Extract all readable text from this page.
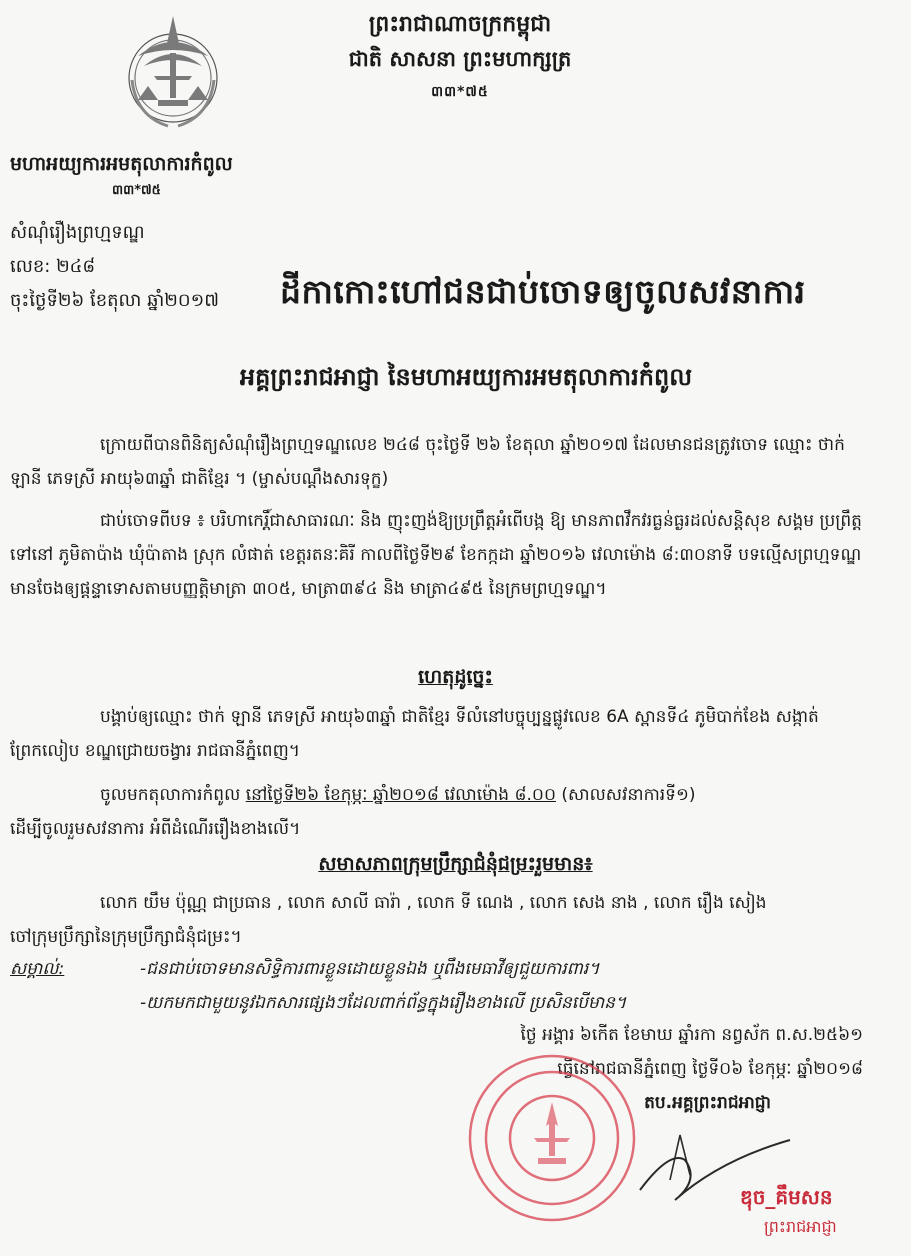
ព្រះរាជាណាចក្រកម្ពុជា
ជាតិ សាសនា ព្រះមហាក្សត្រ
៣៣*៧៥
មហាអយ្យការអមតុលាការកំពូល
៣៣*៧៥
សំណុំរឿងព្រហ្មទណ្ឌ
លេខ: ២៤៨
ចុះថ្ងៃទី២៦ ខែតុលា ឆ្នាំ២០១៧ ដីកាកោះហៅជនជាប់ចោទឲ្យចូលសវនាការ
អគ្គព្រះរាជអាជ្ញា នៃមហាអយ្យការអមតុលាការកំពូល
ក្រោយពីបានពិនិត្យសំណុំរឿងព្រហ្មទណ្ឌលេខ ២៤៨ ចុះថ្ងៃទី ២៦ ខែតុលា ឆ្នាំ២០១៧ ដែលមានជនត្រូវចោទ ឈ្មោះ ថាក់ ឡានី ភេទស្រី អាយុ៦៣ឆ្នាំ ជាតិខ្មែរ ។ (ម្ចាស់បណ្ដឹងសារទុក្ខ)
ជាប់ចោទពីបទ ៖ បរិហាកេរ្តិ៍ជាសាធារណៈ និង ញុះញង់ឱ្យប្រព្រឹត្តអំពើបង្ក ឱ្យ មានភាពវឹកវរធ្ងន់ធ្ងរដល់សន្តិសុខ សង្គម ប្រព្រឹត្តទៅនៅ ភូមិតាប៉ាង ឃុំប៉ាតាង ស្រុក លំផាត់ ខេត្តរតនៈគិរី កាលពីថ្ងៃទី២៩ ខែកក្កដា ឆ្នាំ២០១៦ វេលាម៉ោង ៨:៣០នាទី បទល្មើសព្រហ្មទណ្ឌមានចែងឲ្យផ្ដន្ទាទោសតាមបញ្ញត្តិមាត្រា ៣០៥, មាត្រា៣៩៤ និង មាត្រា៤៩៥ នៃក្រមព្រហ្មទណ្ឌ។
ហេតុដូច្នេះ
បង្គាប់ឲ្យឈ្មោះ ថាក់ ឡានី ភេទស្រី អាយុ៦៣ឆ្នាំ ជាតិខ្មែរ ទីលំនៅបច្ចុប្បន្នផ្លូវលេខ 6A ស្ពានទី៤ ភូមិបាក់ខែង សង្កាត់ព្រែកលៀប ខណ្ឌជ្រោយចង្វារ រាជធានីភ្នំពេញ។
ចូលមកតុលាការកំពូល នៅថ្ងៃទី២៦ ខែកុម្ភៈ ឆ្នាំ២០១៨ វេលាម៉ោង ៨.០០ (សាលសវនាការទី១)
ដើម្បីចូលរួមសវនាការ អំពីដំណើររឿងខាងលើ។
សមាសភាពក្រុមប្រឹក្សាជំនុំជម្រះរួមមាន៖
លោក យឹម ប៉ុណ្ណ ជាប្រធាន , លោក សាលី ធារ៉ា , លោក ទី ណេង , លោក សេង នាង , លោក រឿង សៀង
ចៅក្រុមប្រឹក្សានៃក្រុមប្រឹក្សាជំនុំជម្រះ។
សម្គាល់:	-ជនជាប់ចោទមានសិទ្ធិការពារខ្លួនដោយខ្លួនឯង ឬពឹងមេធាវីឲ្យជួយការពារ។
-យកមកជាមួយនូវឯកសារផ្សេងៗដែលពាក់ព័ន្ធក្នុងរឿងខាងលើ ប្រសិនបើមាន។
ថ្ងៃ អង្គារ ៦កេីត ខែមាឃ ឆ្នាំរកា នព្វស័ក ព.ស.២៥៦១
ធ្វើនៅរាជធានីភ្នំពេញ ថ្ងៃទី០៦ ខែកុម្ភៈ ឆ្នាំ២០១៨
តប.អគ្គព្រះរាជអាជ្ញា
ឌុច_គឹមសន
ព្រះរាជអាជ្ញា
